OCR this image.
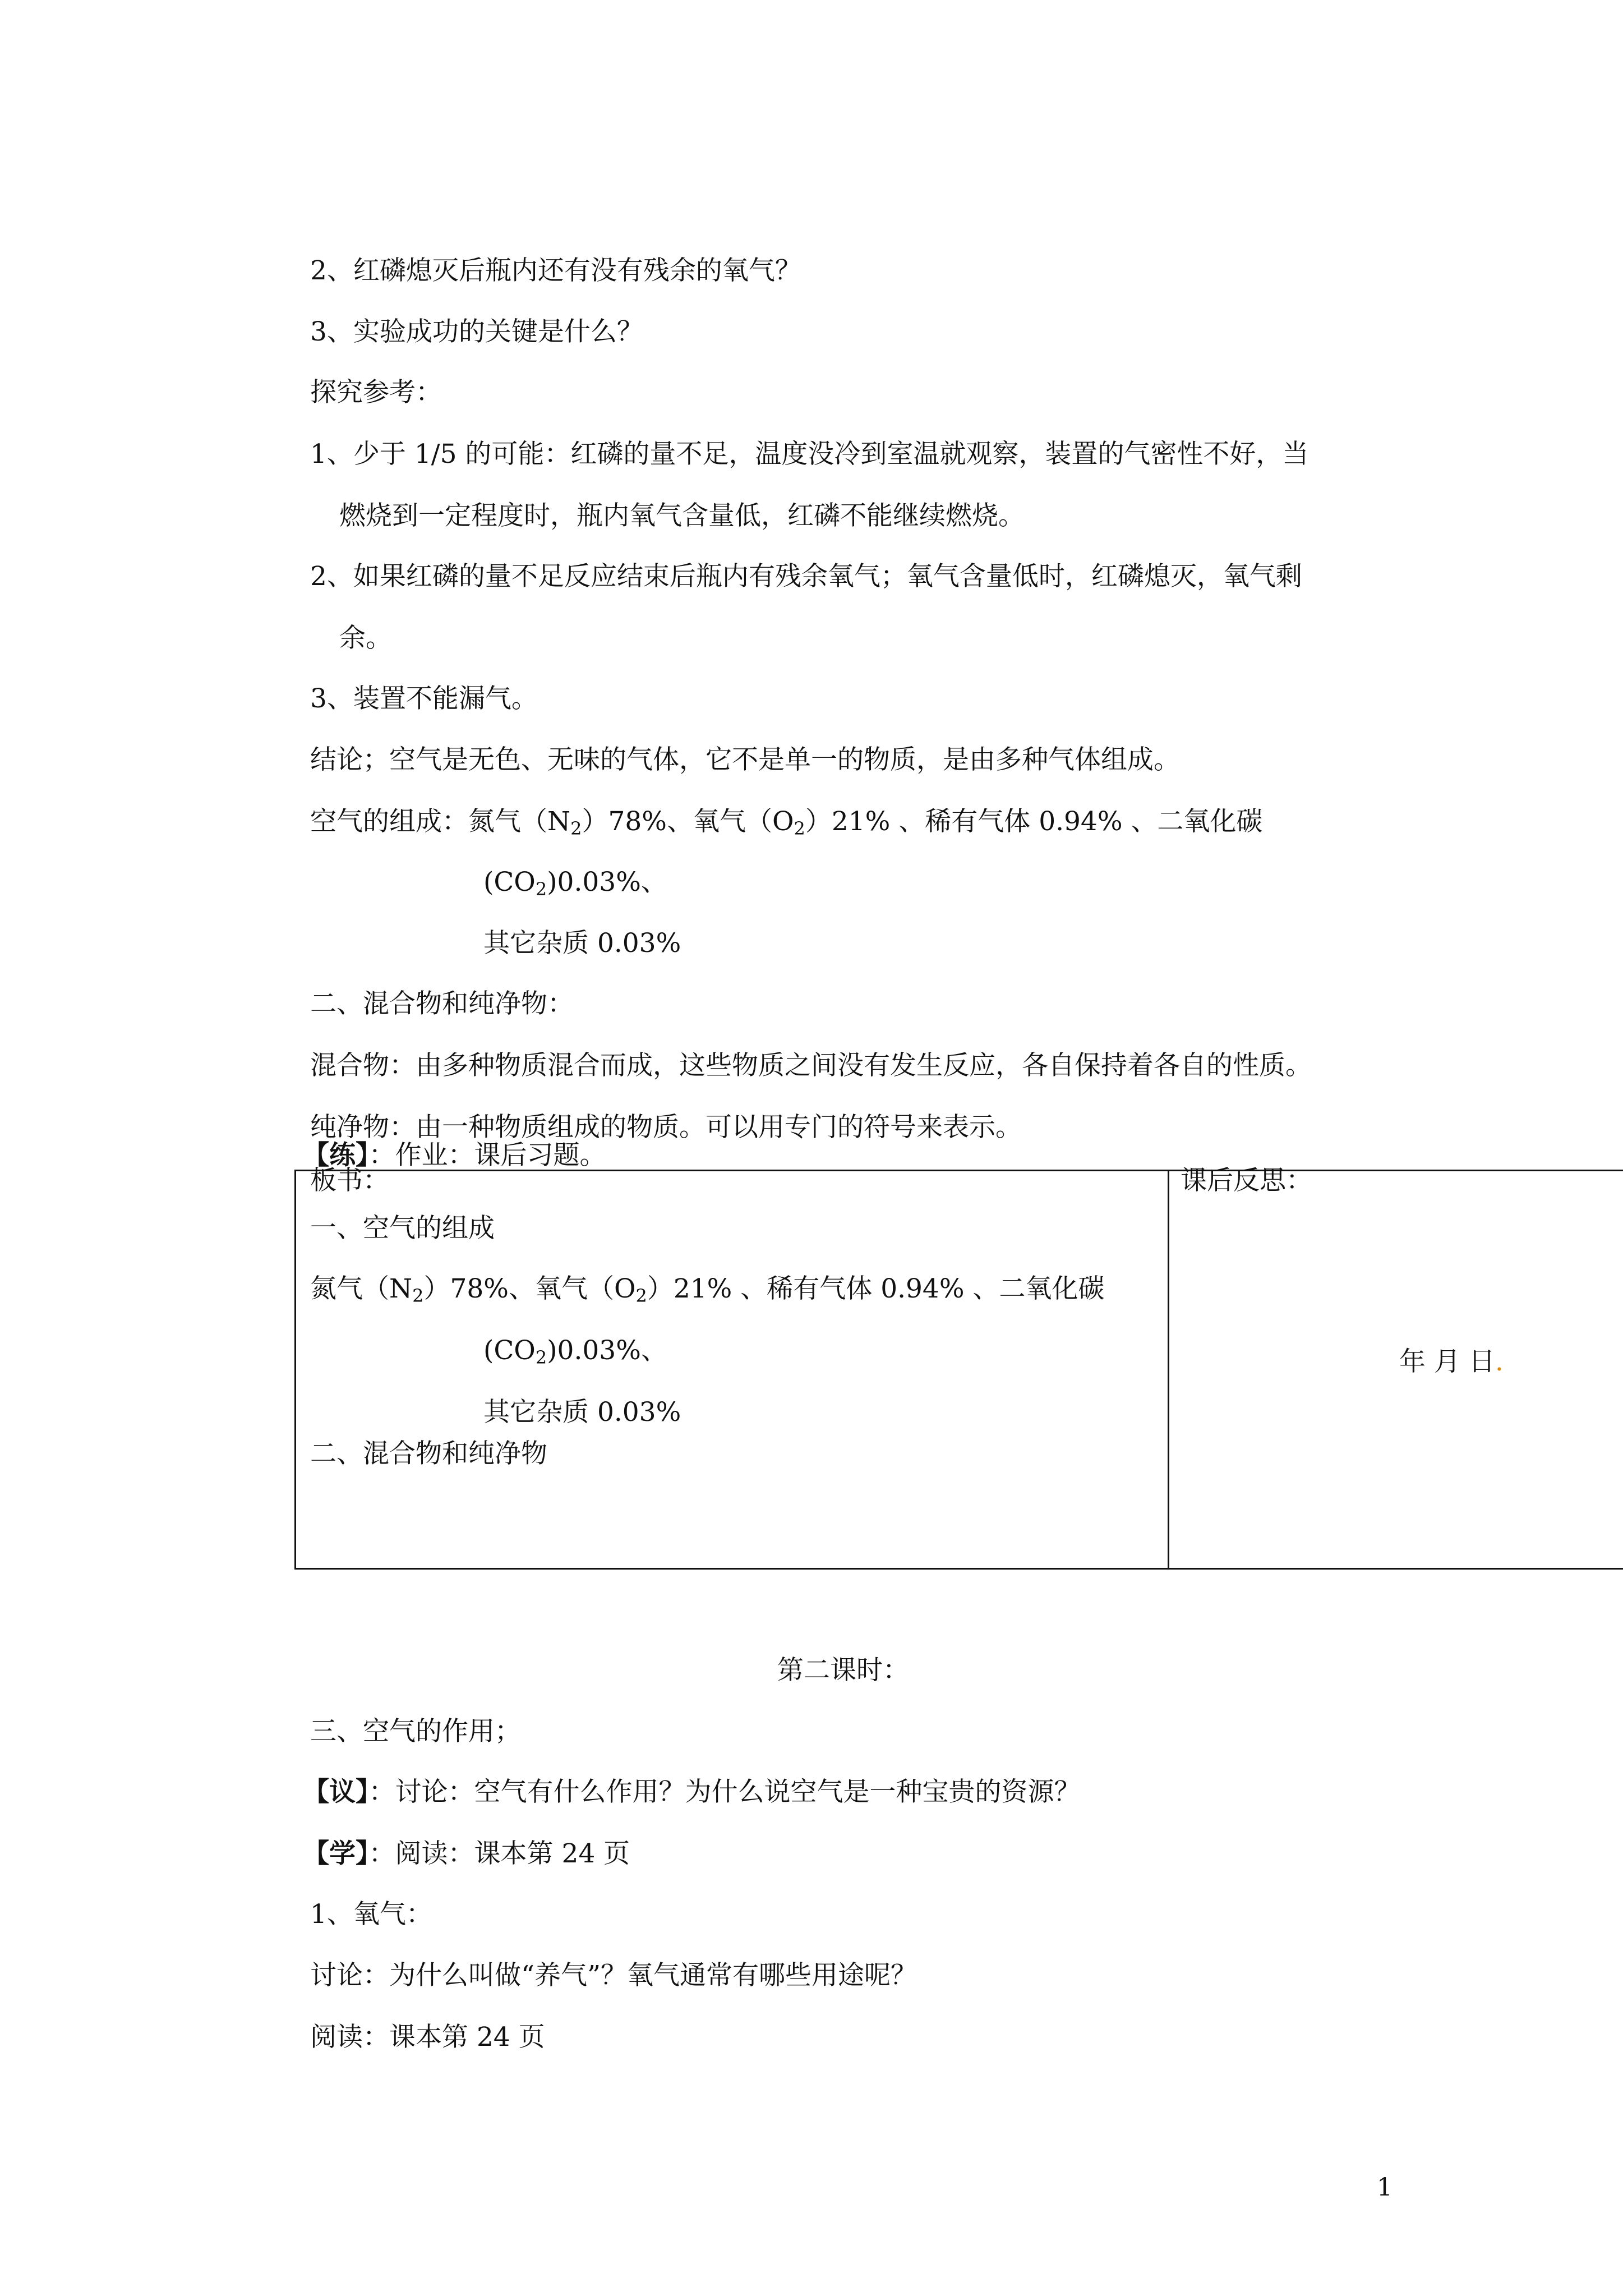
2、红磷熄灭后瓶内还有没有残余的氧气？
3、实验成功的关键是什么？
探究参考：
1、少于 1/5 的可能：红磷的量不足，温度没冷到室温就观察，装置的气密性不好，当
燃烧到一定程度时，瓶内氧气含量低，红磷不能继续燃烧。
2、如果红磷的量不足反应结束后瓶内有残余氧气；氧气含量低时，红磷熄灭，氧气剩
余。
3、装置不能漏气。
结论；空气是无色、无味的气体，它不是单一的物质，是由多种气体组成。
空气的组成：氮气$(N_2)78\%$、氧气$(O_2)21\%$ 、稀有气体 0.94% 、二氧化碳
$(CO_2)0.03\%$、
其它杂质 0.03%
二、混合物和纯净物：
混合物：由多种物质混合而成，这些物质之间没有发生反应，各自保持着各自的性质。
纯净物：由一种物质组成的物质。可以用专门的符号来表示。
【练】：作业：课后习题。
板书：	课后反思：
一、空气的组成
氮气$(N_2)78\%$、氧气$(O_2)21\%$ 、稀有气体 0.94% 、二氧化碳
$(CO_2)0.03\%$、	年 月 日.
其它杂质 0.03%
二、混合物和纯净物
第二课时：
三、空气的作用；
【议】：讨论：空气有什么作用？为什么说空气是一种宝贵的资源？
【学】：阅读：课本第 24 页
1、氧气：
讨论：为什么叫做“养气”？氧气通常有哪些用途呢？
阅读：课本第 24 页
1
